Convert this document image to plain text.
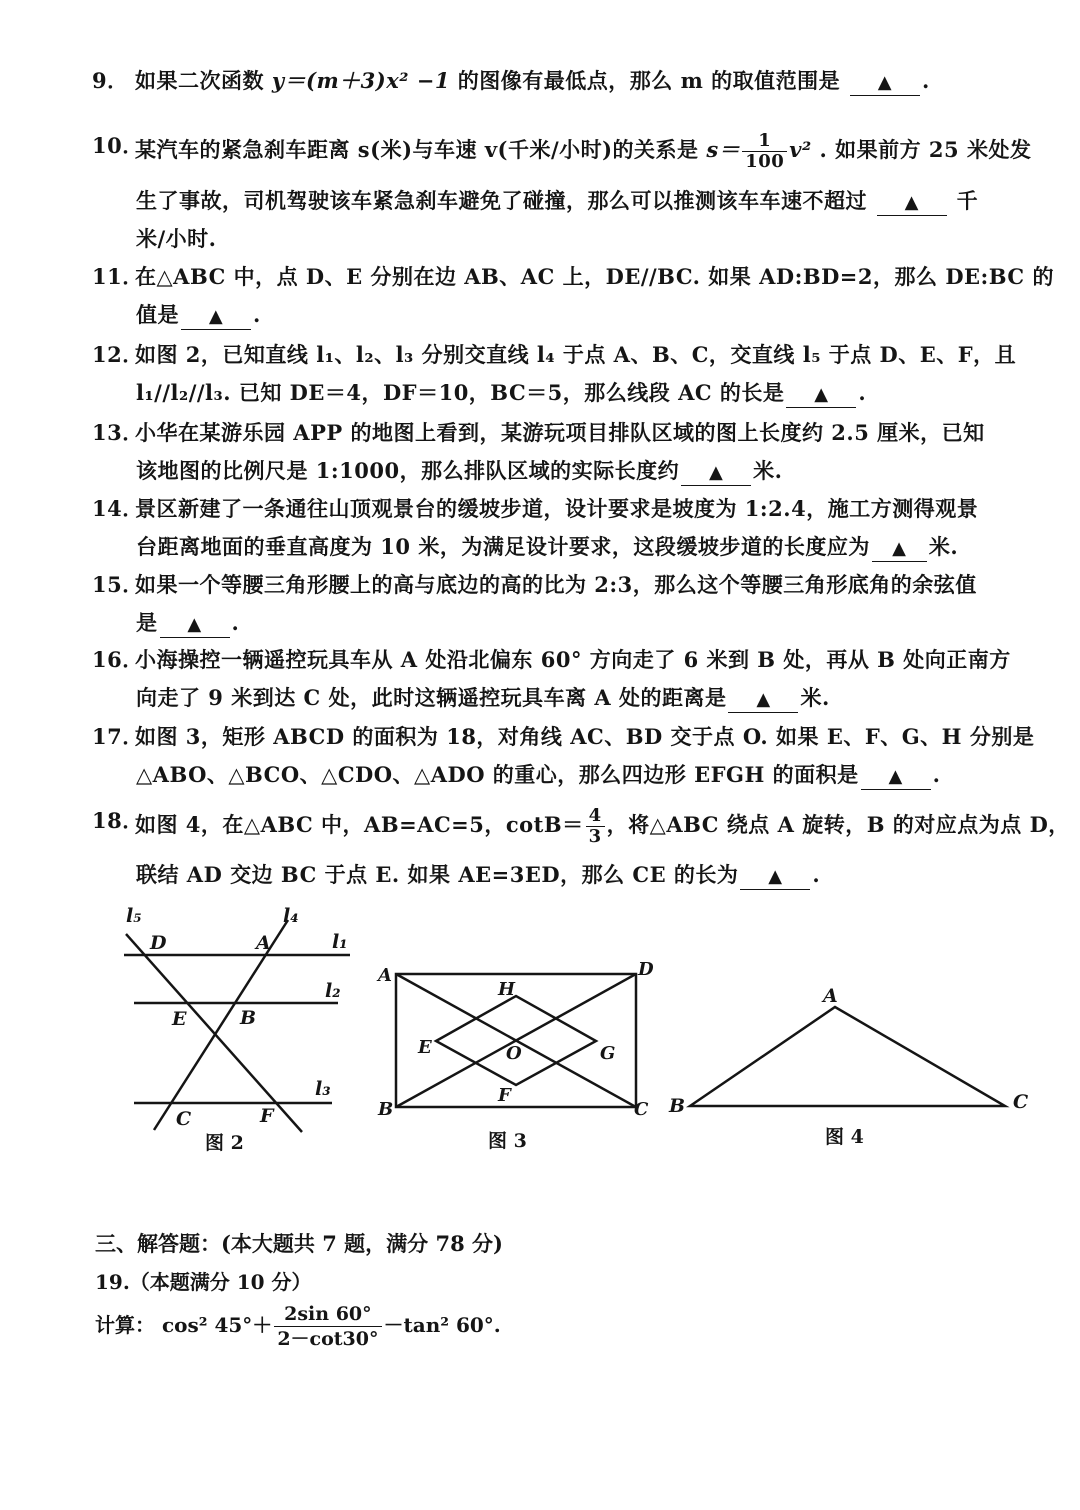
9． 如果二次函数 y＝(m＋3)x² −1 的图像有最低点，那么 m 的取值范围是 ▲ .
10．
某汽车的紧急刹车距离 s(米)与车速 v(千米/小时)的关系是 $s= \frac{1}{100} v^2$ . 如果前方 25 米处发
生了事故，司机驾驶该车紧急刹车避免了碰撞，那么可以推测该车车速不超过 ▲ 千
米/小时.
11．
在△ABC 中，点 D、E 分别在边 AB、AC 上，DE//BC. 如果 AD:BD=2，那么 DE:BC 的
值是 ▲ .
12．
如图 2，已知直线 l₁、l₂、l₃ 分别交直线 l₄ 于点 A、B、C，交直线 l₅ 于点 D、E、F，且
l₁//l₂//l₃. 已知 DE＝4，DF＝10，BC＝5，那么线段 AC 的长是 ▲ .
13．
小华在某游乐园 APP 的地图上看到，某游玩项目排队区域的图上长度约 2.5 厘米，已知
该地图的比例尺是 1:1000，那么排队区域的实际长度约 ▲ 米.
14．
景区新建了一条通往山顶观景台的缓坡步道，设计要求是坡度为 1:2.4，施工方测得观景
台距离地面的垂直高度为 10 米，为满足设计要求，这段缓坡步道的长度应为 ▲ 米.
15．
如果一个等腰三角形腰上的高与底边的高的比为 2:3，那么这个等腰三角形底角的余弦值
是 ▲ .
16．
小海操控一辆遥控玩具车从 A 处沿北偏东 60° 方向走了 6 米到 B 处，再从 B 处向正南方
向走了 9 米到达 C 处，此时这辆遥控玩具车离 A 处的距离是 ▲ 米.
17．
如图 3，矩形 ABCD 的面积为 18，对角线 AC、BD 交于点 O. 如果 E、F、G、H 分别是
△ABO、△BCO、△CDO、△ADO 的重心，那么四边形 EFGH 的面积是 ▲ .
18．
如图 4，在△ABC 中，AB=AC=5，$\cot B= \frac{4}{3}$ ，将△ABC 绕点 A 旋转，B 的对应点为点 D，
联结 AD 交边 BC 于点 E. 如果 AE=3ED，那么 CE 的长为 ▲ .
l₅	l₄
l₁
l₂
l₃
D	A
E	B
C	F
图 2
A	D
H
E	O	G
F
B	C
图 3
A
B	C
图 4
三、解答题：(本大题共 7 题，满分 78 分)
19.（本题满分 10 分）
计算： cos² $45^\circ+ \frac{2\sin 60^\circ}{2-\cot 30^\circ} -\tan^2$ 60°.
